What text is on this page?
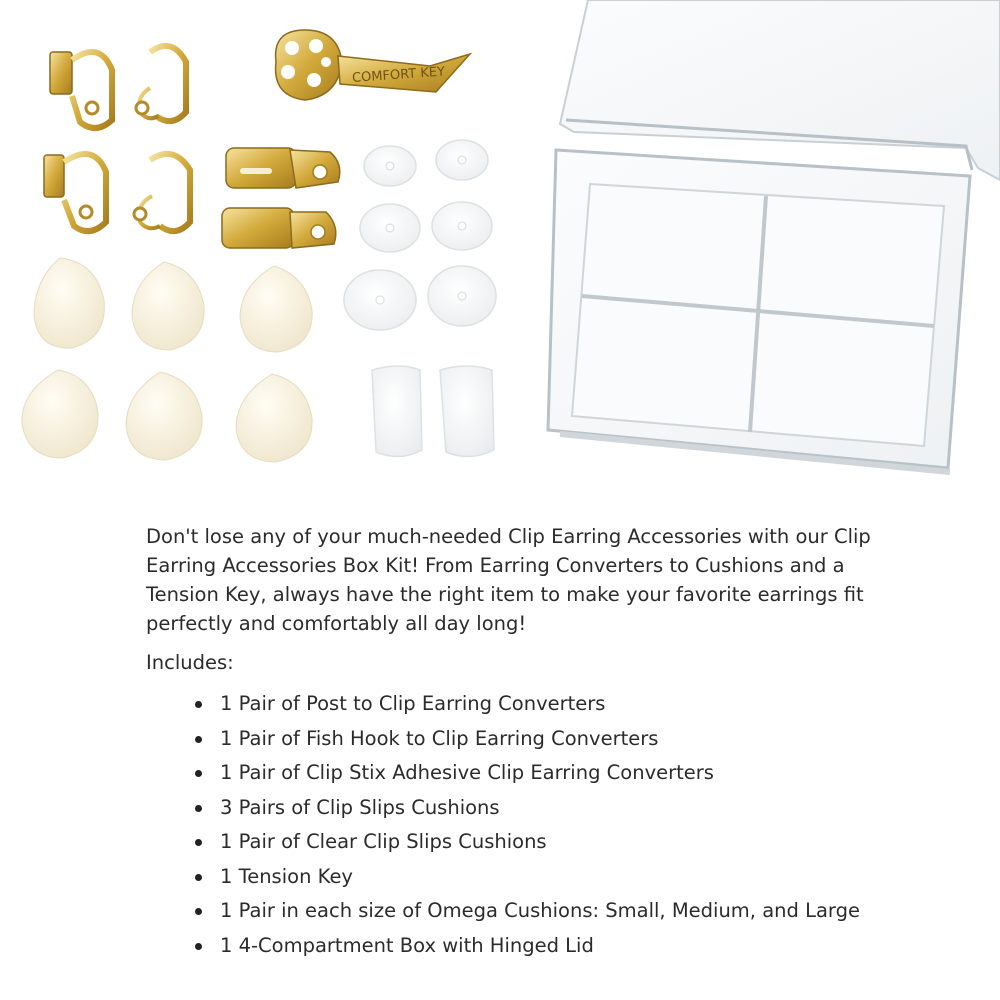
COMFORT KEY

Don't lose any of your much-needed Clip Earring Accessories with our Clip Earring Accessories Box Kit! From Earring Converters to Cushions and a Tension Key, always have the right item to make your favorite earrings fit perfectly and comfortably all day long!

Includes:

1 Pair of Post to Clip Earring Converters
1 Pair of Fish Hook to Clip Earring Converters
1 Pair of Clip Stix Adhesive Clip Earring Converters
3 Pairs of Clip Slips Cushions
1 Pair of Clear Clip Slips Cushions
1 Tension Key
1 Pair in each size of Omega Cushions: Small, Medium, and Large
1 4-Compartment Box with Hinged Lid
